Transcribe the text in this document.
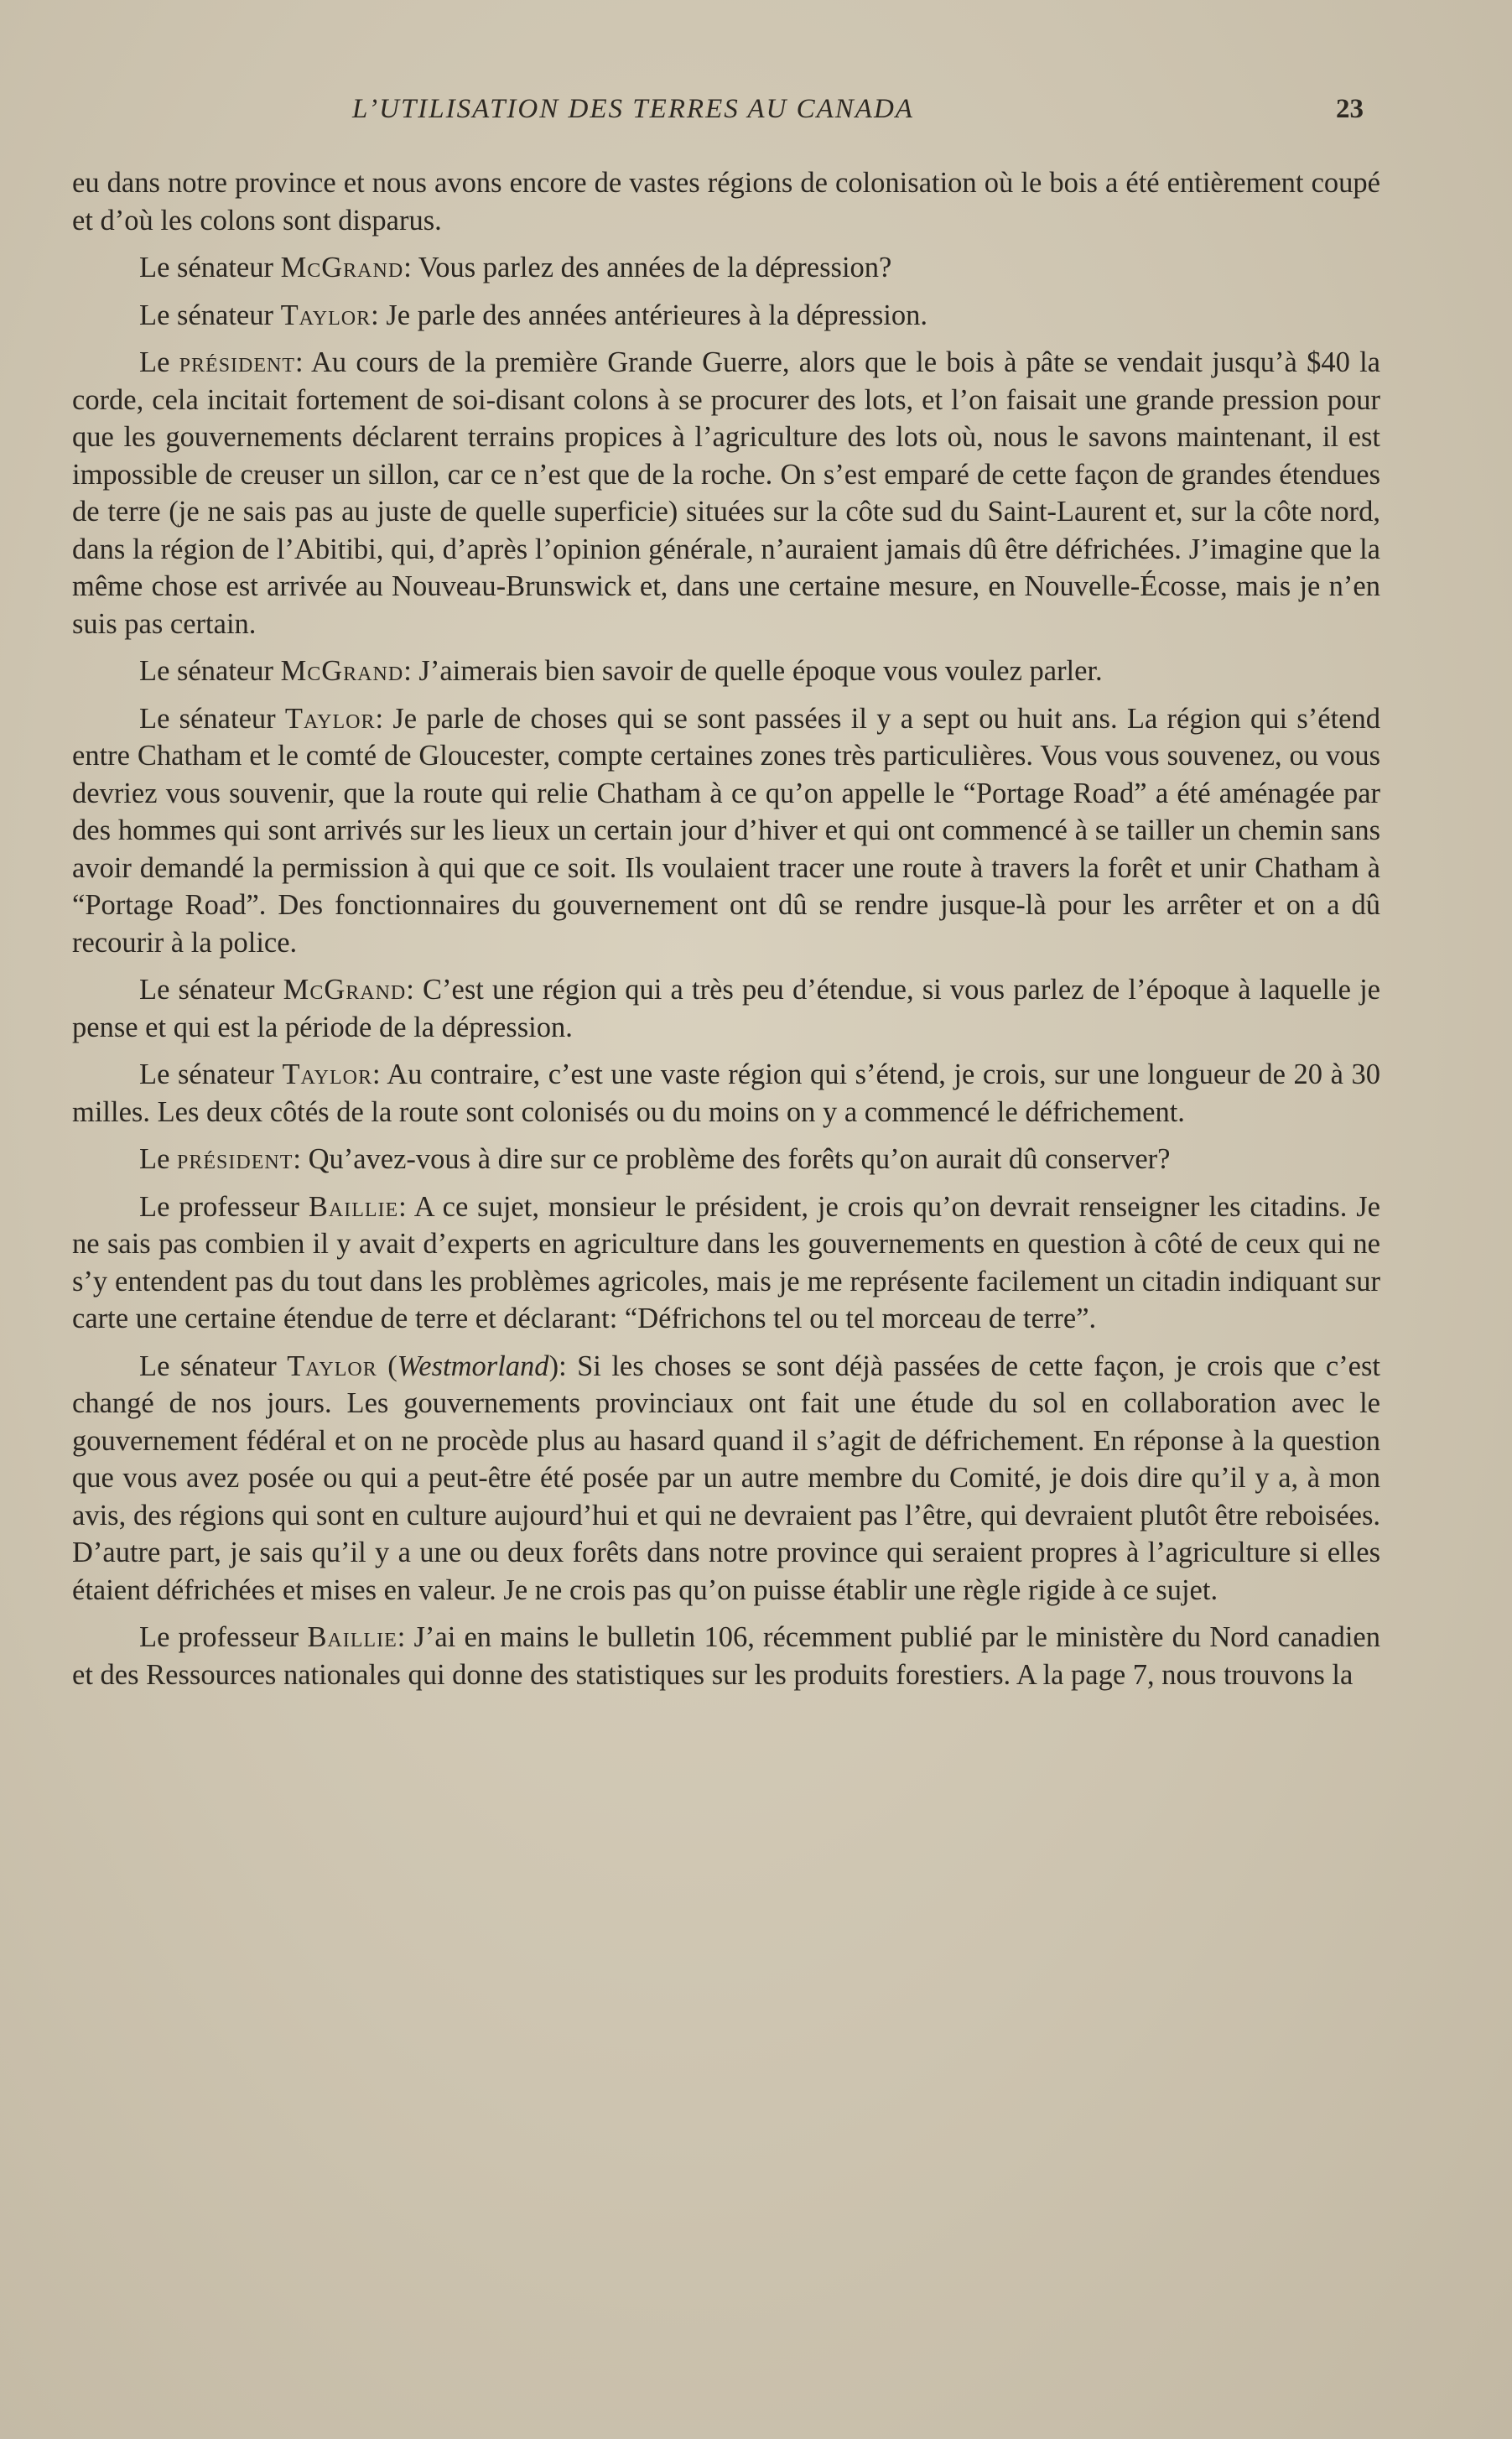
L’UTILISATION DES TERRES AU CANADA	23

eu dans notre province et nous avons encore de vastes régions de colonisation où le bois a été entièrement coupé et d’où les colons sont disparus.

Le sénateur McGrand: Vous parlez des années de la dépression?

Le sénateur Taylor: Je parle des années antérieures à la dépression.

Le président: Au cours de la première Grande Guerre, alors que le bois à pâte se vendait jusqu’à $40 la corde, cela incitait fortement de soi-disant colons à se procurer des lots, et l’on faisait une grande pression pour que les gouvernements déclarent terrains propices à l’agriculture des lots où, nous le savons maintenant, il est impossible de creuser un sillon, car ce n’est que de la roche. On s’est emparé de cette façon de grandes étendues de terre (je ne sais pas au juste de quelle superficie) situées sur la côte sud du Saint-Laurent et, sur la côte nord, dans la région de l’Abitibi, qui, d’après l’opinion générale, n’auraient jamais dû être défrichées. J’imagine que la même chose est arrivée au Nouveau-Brunswick et, dans une certaine mesure, en Nouvelle-Écosse, mais je n’en suis pas certain.

Le sénateur McGrand: J’aimerais bien savoir de quelle époque vous voulez parler.

Le sénateur Taylor: Je parle de choses qui se sont passées il y a sept ou huit ans. La région qui s’étend entre Chatham et le comté de Gloucester, compte certaines zones très particulières. Vous vous souvenez, ou vous devriez vous souvenir, que la route qui relie Chatham à ce qu’on appelle le “Portage Road” a été aménagée par des hommes qui sont arrivés sur les lieux un certain jour d’hiver et qui ont commencé à se tailler un chemin sans avoir demandé la permission à qui que ce soit. Ils voulaient tracer une route à travers la forêt et unir Chatham à “Portage Road”. Des fonctionnaires du gouvernement ont dû se rendre jusque-là pour les arrêter et on a dû recourir à la police.

Le sénateur McGrand: C’est une région qui a très peu d’étendue, si vous parlez de l’époque à laquelle je pense et qui est la période de la dépression.

Le sénateur Taylor: Au contraire, c’est une vaste région qui s’étend, je crois, sur une longueur de 20 à 30 milles. Les deux côtés de la route sont colonisés ou du moins on y a commencé le défrichement.

Le président: Qu’avez-vous à dire sur ce problème des forêts qu’on aurait dû conserver?

Le professeur Baillie: A ce sujet, monsieur le président, je crois qu’on devrait renseigner les citadins. Je ne sais pas combien il y avait d’experts en agriculture dans les gouvernements en question à côté de ceux qui ne s’y entendent pas du tout dans les problèmes agricoles, mais je me représente facilement un citadin indiquant sur carte une certaine étendue de terre et déclarant: “Défrichons tel ou tel morceau de terre”.

Le sénateur Taylor (Westmorland): Si les choses se sont déjà passées de cette façon, je crois que c’est changé de nos jours. Les gouvernements provinciaux ont fait une étude du sol en collaboration avec le gouvernement fédéral et on ne procède plus au hasard quand il s’agit de défrichement. En réponse à la question que vous avez posée ou qui a peut-être été posée par un autre membre du Comité, je dois dire qu’il y a, à mon avis, des régions qui sont en culture aujourd’hui et qui ne devraient pas l’être, qui devraient plutôt être reboisées. D’autre part, je sais qu’il y a une ou deux forêts dans notre province qui seraient propres à l’agriculture si elles étaient défrichées et mises en valeur. Je ne crois pas qu’on puisse établir une règle rigide à ce sujet.

Le professeur Baillie: J’ai en mains le bulletin 106, récemment publié par le ministère du Nord canadien et des Ressources nationales qui donne des statistiques sur les produits forestiers. A la page 7, nous trouvons la
